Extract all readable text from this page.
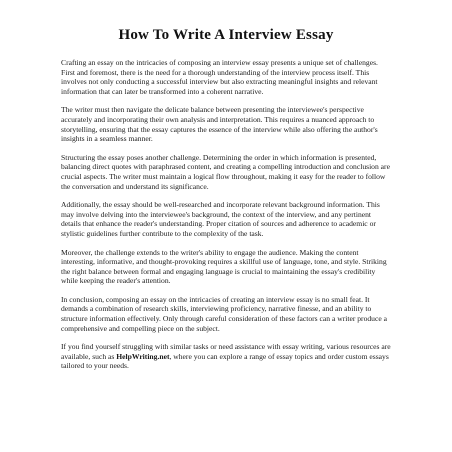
How To Write A Interview Essay

Crafting an essay on the intricacies of composing an interview essay presents a unique set of challenges. First and foremost, there is the need for a thorough understanding of the interview process itself. This involves not only conducting a successful interview but also extracting meaningful insights and relevant information that can later be transformed into a coherent narrative.

The writer must then navigate the delicate balance between presenting the interviewee's perspective accurately and incorporating their own analysis and interpretation. This requires a nuanced approach to storytelling, ensuring that the essay captures the essence of the interview while also offering the author's insights in a seamless manner.

Structuring the essay poses another challenge. Determining the order in which information is presented, balancing direct quotes with paraphrased content, and creating a compelling introduction and conclusion are crucial aspects. The writer must maintain a logical flow throughout, making it easy for the reader to follow the conversation and understand its significance.

Additionally, the essay should be well-researched and incorporate relevant background information. This may involve delving into the interviewee's background, the context of the interview, and any pertinent details that enhance the reader's understanding. Proper citation of sources and adherence to academic or stylistic guidelines further contribute to the complexity of the task.

Moreover, the challenge extends to the writer's ability to engage the audience. Making the content interesting, informative, and thought-provoking requires a skillful use of language, tone, and style. Striking the right balance between formal and engaging language is crucial to maintaining the essay's credibility while keeping the reader's attention.

In conclusion, composing an essay on the intricacies of creating an interview essay is no small feat. It demands a combination of research skills, interviewing proficiency, narrative finesse, and an ability to structure information effectively. Only through careful consideration of these factors can a writer produce a comprehensive and compelling piece on the subject.

If you find yourself struggling with similar tasks or need assistance with essay writing, various resources are available, such as HelpWriting.net, where you can explore a range of essay topics and order custom essays tailored to your needs.
